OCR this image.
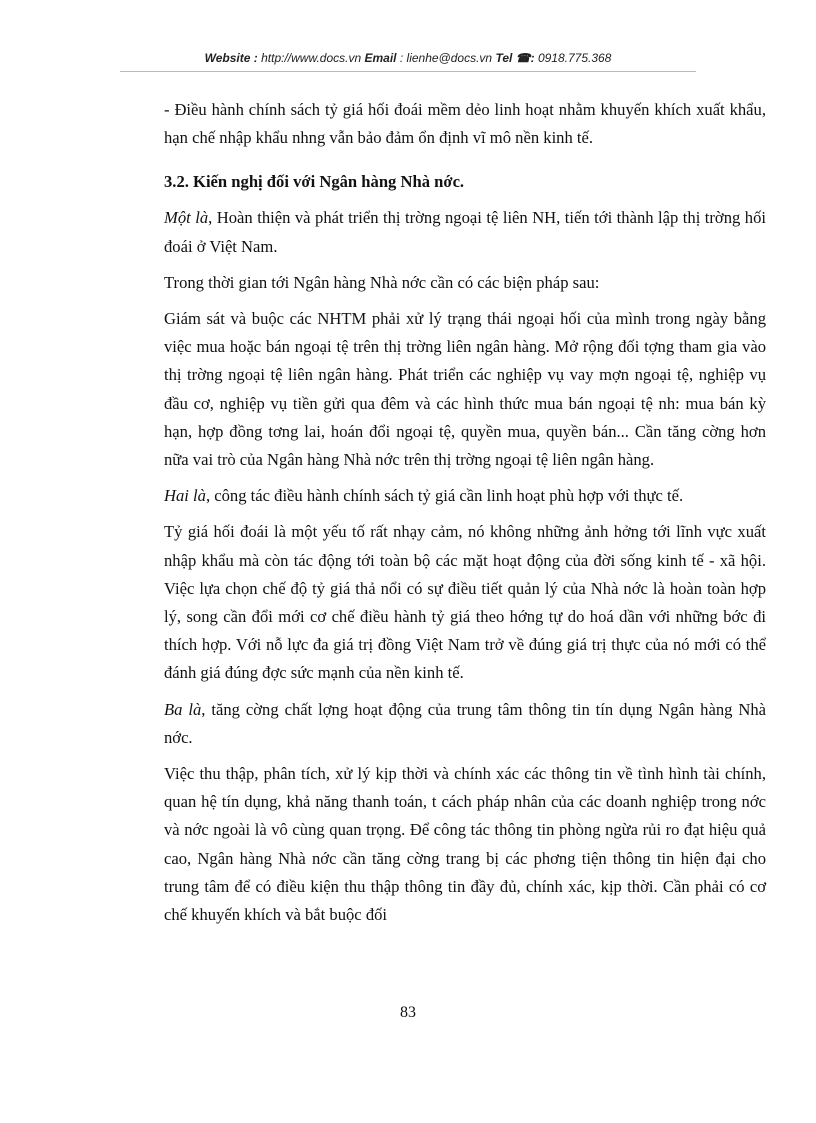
Website : http://www.docs.vn Email : lienhe@docs.vn Tel ☎: 0918.775.368

- Điều hành chính sách tỷ giá hối đoái mềm dẻo linh hoạt nhằm khuyến khích xuất khẩu, hạn chế nhập khẩu nhng vẫn bảo đảm ổn định vĩ mô nền kinh tế.

3.2. Kiến nghị đối với Ngân hàng Nhà nớc.

Một là, Hoàn thiện và phát triển thị trờng ngoại tệ liên NH, tiến tới thành lập thị trờng hối đoái ở Việt Nam.

Trong thời gian tới Ngân hàng Nhà nớc cần có các biện pháp sau:

Giám sát và buộc các NHTM phải xử lý trạng thái ngoại hối của mình trong ngày bằng việc mua hoặc bán ngoại tệ trên thị trờng liên ngân hàng. Mở rộng đối tợng tham gia vào thị trờng ngoại tệ liên ngân hàng. Phát triển các nghiệp vụ vay mợn ngoại tệ, nghiệp vụ đầu cơ, nghiệp vụ tiền gửi qua đêm và các hình thức mua bán ngoại tệ nh: mua bán kỳ hạn, hợp đồng tơng lai, hoán đổi ngoại tệ, quyền mua, quyền bán... Cần tăng cờng hơn nữa vai trò của Ngân hàng Nhà nớc trên thị trờng ngoại tệ liên ngân hàng.

Hai là, công tác điều hành chính sách tỷ giá cần linh hoạt phù hợp với thực tế.

Tỷ giá hối đoái là một yếu tố rất nhạy cảm, nó không những ảnh hởng tới lĩnh vực xuất nhập khẩu mà còn tác động tới toàn bộ các mặt hoạt động của đời sống kinh tế - xã hội. Việc lựa chọn chế độ tỷ giá thả nổi có sự điều tiết quản lý của Nhà nớc là hoàn toàn hợp lý, song cần đổi mới cơ chế điều hành tỷ giá theo hớng tự do hoá dần với những bớc đi thích hợp. Với nỗ lực đa giá trị đồng Việt Nam trở về đúng giá trị thực của nó mới có thể đánh giá đúng đợc sức mạnh của nền kinh tế.

Ba là, tăng cờng chất lợng hoạt động của trung tâm thông tin tín dụng Ngân hàng Nhà nớc.

Việc thu thập, phân tích, xử lý kịp thời và chính xác các thông tin về tình hình tài chính, quan hệ tín dụng, khả năng thanh toán, t cách pháp nhân của các doanh nghiệp trong nớc và nớc ngoài là vô cùng quan trọng. Để công tác thông tin phòng ngừa rủi ro đạt hiệu quả cao, Ngân hàng Nhà nớc cần tăng cờng trang bị các phơng tiện thông tin hiện đại cho trung tâm để có điều kiện thu thập thông tin đầy đủ, chính xác, kịp thời. Cần phải có cơ chế khuyến khích và bắt buộc đối

83
